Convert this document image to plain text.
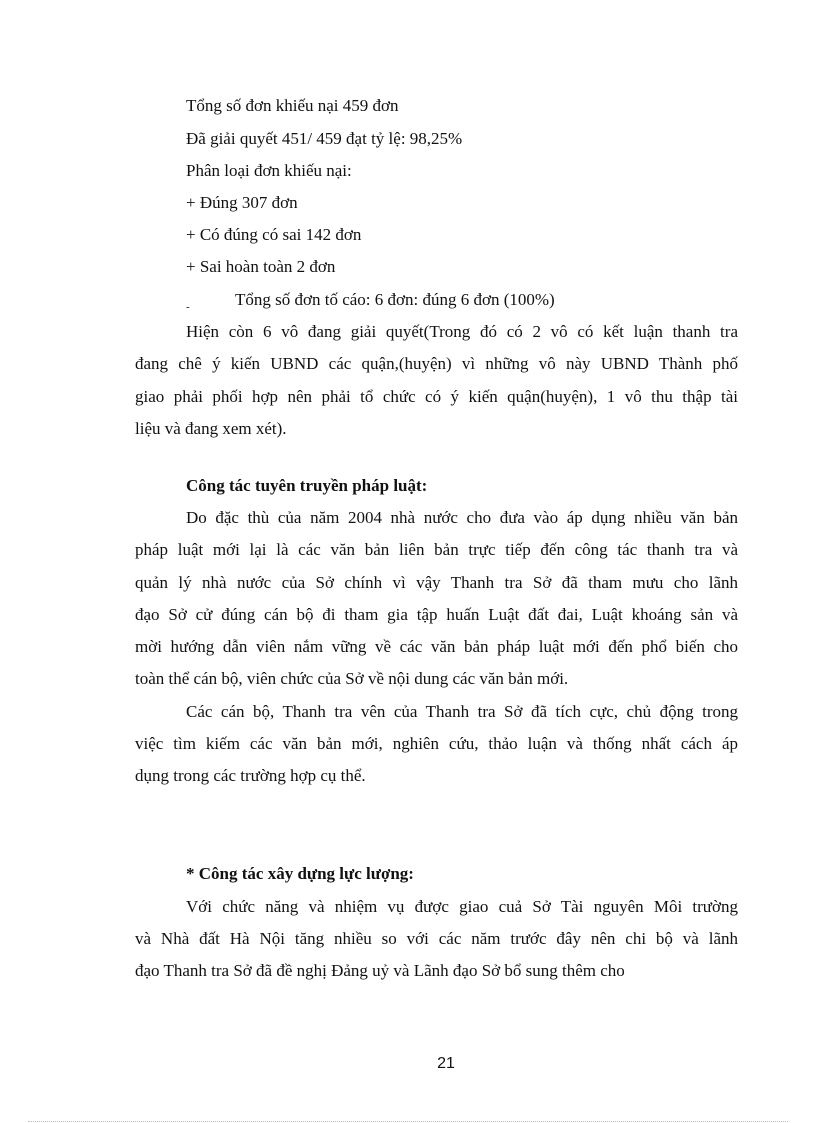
Tổng số đơn khiếu nại 459 đơn
Đã giải quyết 451/ 459 đạt tỷ lệ: 98,25%
Phân loại đơn khiếu nại:
+ Đúng 307 đơn
+ Có đúng có sai 142 đơn
+ Sai hoàn toàn 2 đơn
-	Tổng số đơn tố cáo: 6 đơn: đúng 6 đơn (100%)
Hiện còn 6 vô đang giải quyết(Trong đó có 2 vô có kết luận thanh tra
đang chê ý kiến UBND các quận,(huyện) vì những vô này UBND Thành phố
giao phải phối hợp nên phải tổ chức có ý kiến quận(huyện), 1 vô thu thập tài
liệu và đang xem xét).
Công tác tuyên truyền pháp luật:
Do đặc thù của năm 2004 nhà nước cho đưa vào áp dụng nhiều văn bản
pháp luật mới lại là các văn bản liên bản trực tiếp đến công tác thanh tra và
quản lý nhà nước của Sở chính vì vậy Thanh tra Sở đã tham mưu cho lãnh
đạo Sở cử đúng cán bộ đi tham gia tập huấn Luật đất đai, Luật khoáng sản và
mời hướng dẫn viên nắm vững về các văn bản pháp luật mới đến phổ biến cho
toàn thể cán bộ, viên chức của Sở về nội dung các văn bản mới.
Các cán bộ, Thanh tra vên của Thanh tra Sở đã tích cực, chủ động trong
việc tìm kiếm các văn bản mới, nghiên cứu, thảo luận và thống nhất cách áp
dụng trong các trường hợp cụ thể.
* Công tác xây dựng lực lượng:
Với chức năng và nhiệm vụ được giao cuả Sở Tài nguyên Môi trường
và Nhà đất Hà Nội tăng nhiều so với các năm trước đây nên chi bộ và lãnh
đạo Thanh tra Sở đã đề nghị Đảng uỷ và Lãnh đạo Sở bổ sung thêm cho
21
